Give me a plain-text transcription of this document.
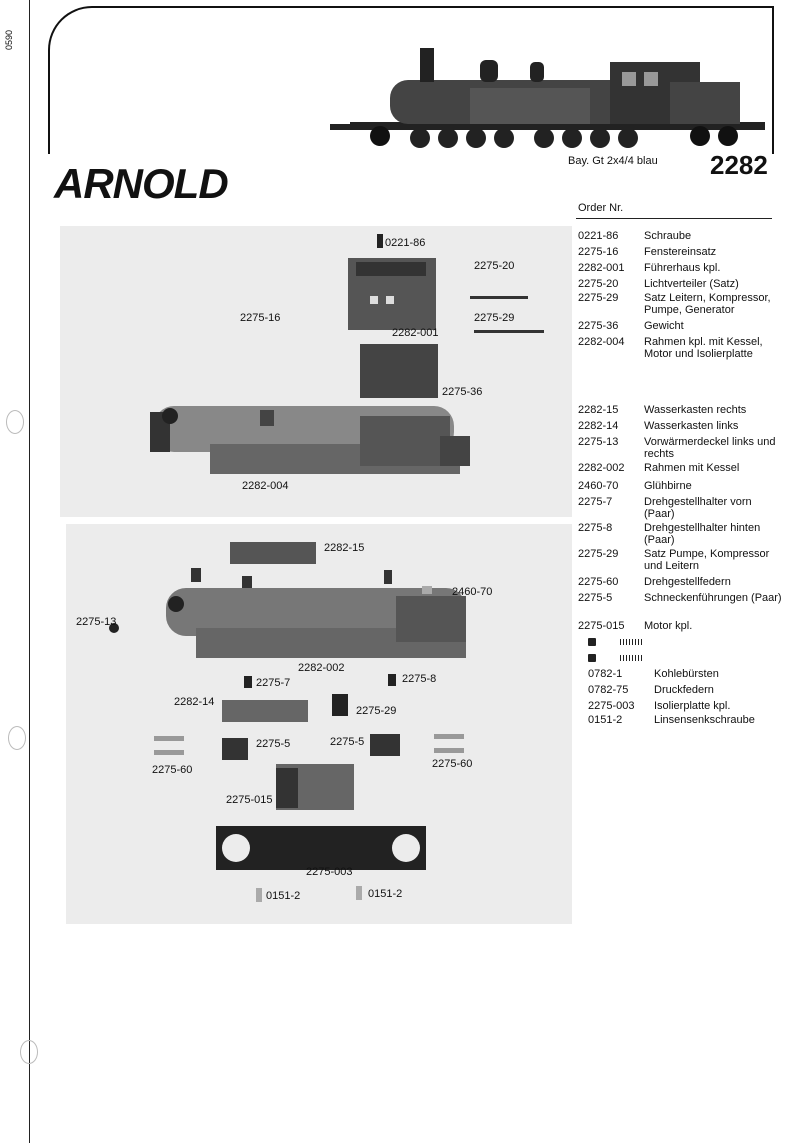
0590
Bay. Gt 2x4/4 blau 2282
ARNOLD
Order Nr.
0221-86	Schraube
2275-16	Fenstereinsatz
2282-001	Führerhaus kpl.
2275-20	Lichtverteiler (Satz)
2275-29	Satz Leitern, Kompressor, Pumpe, Generator
2275-36	Gewicht
2282-004	Rahmen kpl. mit Kessel, Motor und Isolierplatte
2282-15	Wasserkasten rechts
2282-14	Wasserkasten links
2275-13	Vorwärmerdeckel links und rechts
2282-002	Rahmen mit Kessel
2460-70	Glühbirne
2275-7	Drehgestellhalter vorn (Paar)
2275-8	Drehgestellhalter hinten (Paar)
2275-29	Satz Pumpe, Kompressor und Leitern
2275-60	Drehgestellfedern
2275-5	Schneckenführungen (Paar)
2275-015	Motor kpl.
0782-1	Kohlebürsten
0782-75	Druckfedern
2275-003	Isolierplatte kpl.
0151-2	Linsensenkschraube
0221-86
2275-20
2275-16	2275-29
2282-001
2275-36
2282-004
2282-15
2460-70
2275-13
2282-002
2275-7	2275-8
2282-14
2275-29
2275-5	2275-5
2275-60	2275-60
2275-015
2275-003
0151-2	0151-2
